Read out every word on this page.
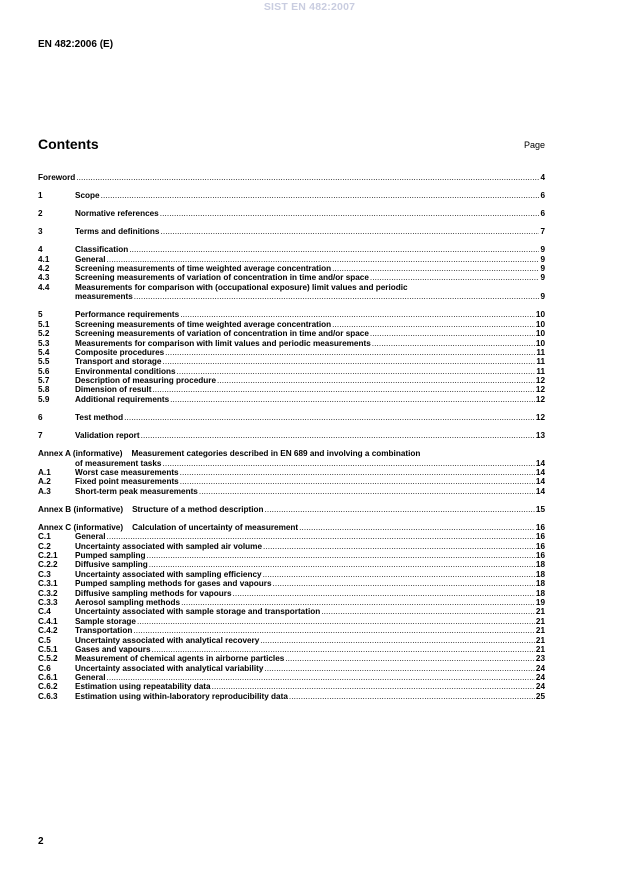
SIST EN 482:2007
EN 482:2006 (E)
Contents	Page
Foreword .....	4
1	Scope .....	6
2	Normative references .....	6
3	Terms and definitions .....	7
4	Classification .....	9
4.1	General .....	9
4.2	Screening measurements of time weighted average concentration .....	9
4.3	Screening measurements of variation of concentration in time and/or space .....	9
4.4	Measurements for comparison with (occupational exposure) limit values and periodic
measurements .....	9
5	Performance requirements .....	10
5.1	Screening measurements of time weighted average concentration .....	10
5.2	Screening measurements of variation of concentration in time and/or space .....	10
5.3	Measurements for comparison with limit values and periodic measurements .....	10
5.4	Composite procedures .....	11
5.5	Transport and storage .....	11
5.6	Environmental conditions .....	11
5.7	Description of measuring procedure .....	12
5.8	Dimension of result .....	12
5.9	Additional requirements .....	12
6	Test method .....	12
7	Validation report .....	13
Annex A (informative) Measurement categories described in EN 689 and involving a combination
of measurement tasks .....	14
A.1	Worst case measurements .....	14
A.2	Fixed point measurements .....	14
A.3	Short-term peak measurements .....	14
Annex B (informative) Structure of a method description .....	15
Annex C (informative) Calculation of uncertainty of measurement .....	16
C.1	General .....	16
C.2	Uncertainty associated with sampled air volume .....	16
C.2.1	Pumped sampling .....	16
C.2.2	Diffusive sampling .....	18
C.3	Uncertainty associated with sampling efficiency .....	18
C.3.1	Pumped sampling methods for gases and vapours .....	18
C.3.2	Diffusive sampling methods for vapours .....	18
C.3.3	Aerosol sampling methods .....	19
C.4	Uncertainty associated with sample storage and transportation .....	21
C.4.1	Sample storage .....	21
C.4.2	Transportation .....	21
C.5	Uncertainty associated with analytical recovery .....	21
C.5.1	Gases and vapours .....	21
C.5.2	Measurement of chemical agents in airborne particles .....	23
C.6	Uncertainty associated with analytical variability .....	24
C.6.1	General .....	24
C.6.2	Estimation using repeatability data .....	24
C.6.3	Estimation using within-laboratory reproducibility data .....	25
2
